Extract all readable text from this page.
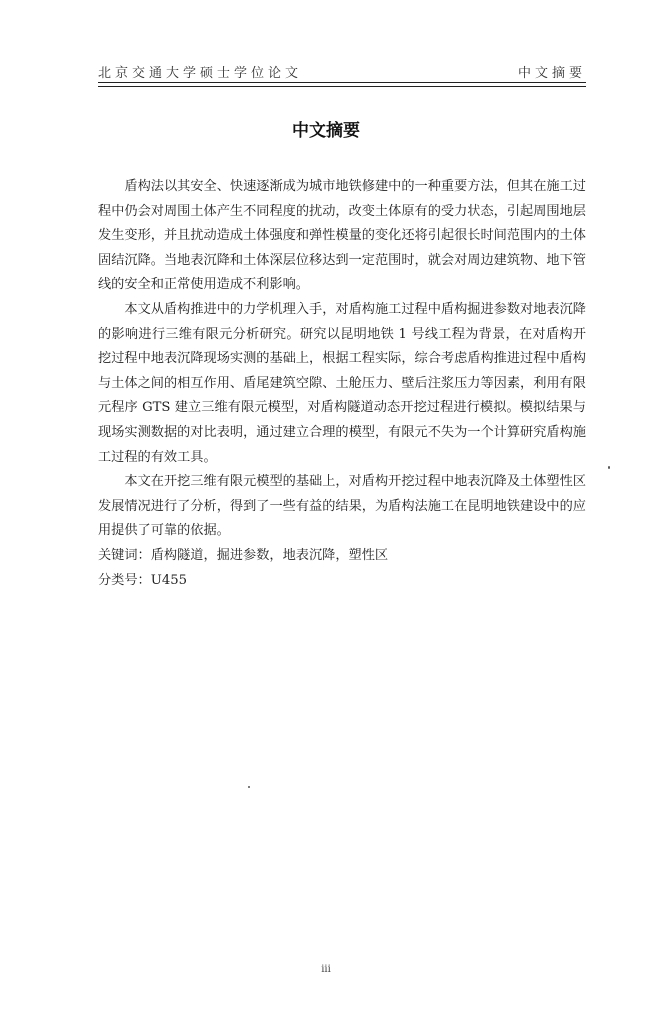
北京交通大学硕士学位论文	中文摘要
中文摘要

盾构法以其安全、快速逐渐成为城市地铁修建中的一种重要方法，但其在施工过程中仍会对周围土体产生不同程度的扰动，改变土体原有的受力状态，引起周围地层发生变形，并且扰动造成土体强度和弹性模量的变化还将引起很长时间范围内的土体固结沉降。当地表沉降和土体深层位移达到一定范围时，就会对周边建筑物、地下管线的安全和正常使用造成不利影响。

本文从盾构推进中的力学机理入手，对盾构施工过程中盾构掘进参数对地表沉降的影响进行三维有限元分析研究。研究以昆明地铁 1 号线工程为背景，在对盾构开挖过程中地表沉降现场实测的基础上，根据工程实际，综合考虑盾构推进过程中盾构与土体之间的相互作用、盾尾建筑空隙、土舱压力、壁后注浆压力等因素，利用有限元程序 GTS 建立三维有限元模型，对盾构隧道动态开挖过程进行模拟。模拟结果与现场实测数据的对比表明，通过建立合理的模型，有限元不失为一个计算研究盾构施工过程的有效工具。

本文在开挖三维有限元模型的基础上，对盾构开挖过程中地表沉降及土体塑性区发展情况进行了分析，得到了一些有益的结果，为盾构法施工在昆明地铁建设中的应用提供了可靠的依据。

关键词：盾构隧道，掘进参数，地表沉降，塑性区

分类号：U455

iii
